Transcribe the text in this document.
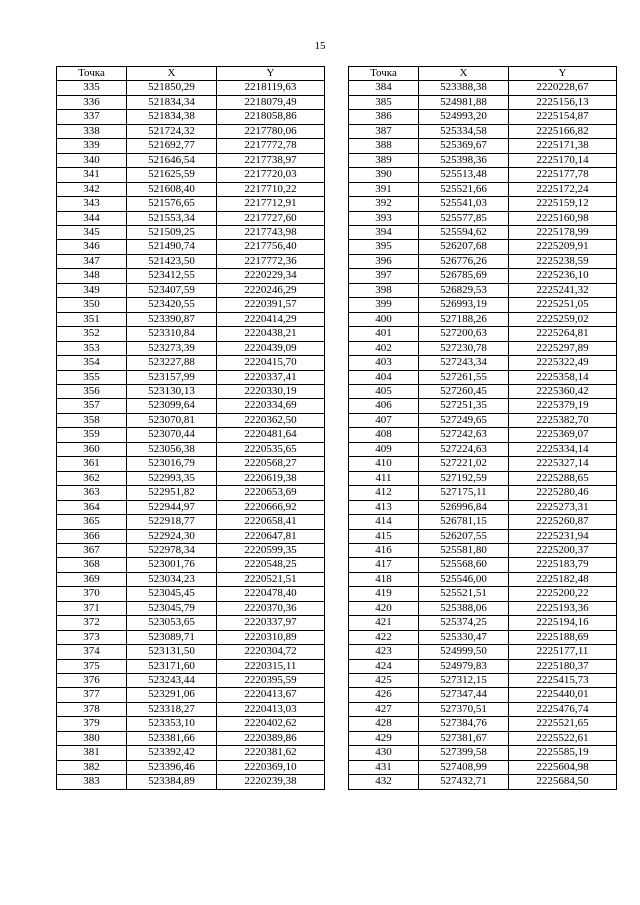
15
Точка	X	Y
335	521850,29	2218119,63
336	521834,34	2218079,49
337	521834,38	2218058,86
338	521724,32	2217780,06
339	521692,77	2217772,78
340	521646,54	2217738,97
341	521625,59	2217720,03
342	521608,40	2217710,22
343	521576,65	2217712,91
344	521553,34	2217727,60
345	521509,25	2217743,98
346	521490,74	2217756,40
347	521423,50	2217772,36
348	523412,55	2220229,34
349	523407,59	2220246,29
350	523420,55	2220391,57
351	523390,87	2220414,29
352	523310,84	2220438,21
353	523273,39	2220439,09
354	523227,88	2220415,70
355	523157,99	2220337,41
356	523130,13	2220330,19
357	523099,64	2220334,69
358	523070,81	2220362,50
359	523070,44	2220481,64
360	523056,38	2220535,65
361	523016,79	2220568,27
362	522993,35	2220619,38
363	522951,82	2220653,69
364	522944,97	2220666,92
365	522918,77	2220658,41
366	522924,30	2220647,81
367	522978,34	2220599,35
368	523001,76	2220548,25
369	523034,23	2220521,51
370	523045,45	2220478,40
371	523045,79	2220370,36
372	523053,65	2220337,97
373	523089,71	2220310,89
374	523131,50	2220304,72
375	523171,60	2220315,11
376	523243,44	2220395,59
377	523291,06	2220413,67
378	523318,27	2220413,03
379	523353,10	2220402,62
380	523381,66	2220389,86
381	523392,42	2220381,62
382	523396,46	2220369,10
383	523384,89	2220239,38
Точка	X	Y
384	523388,38	2220228,67
385	524981,88	2225156,13
386	524993,20	2225154,87
387	525334,58	2225166,82
388	525369,67	2225171,38
389	525398,36	2225170,14
390	525513,48	2225177,78
391	525521,66	2225172,24
392	525541,03	2225159,12
393	525577,85	2225160,98
394	525594,62	2225178,99
395	526207,68	2225209,91
396	526776,26	2225238,59
397	526785,69	2225236,10
398	526829,53	2225241,32
399	526993,19	2225251,05
400	527188,26	2225259,02
401	527200,63	2225264,81
402	527230,78	2225297,89
403	527243,34	2225322,49
404	527261,55	2225358,14
405	527260,45	2225360,42
406	527251,35	2225379,19
407	527249,65	2225382,70
408	527242,63	2225369,07
409	527224,63	2225334,14
410	527221,02	2225327,14
411	527192,59	2225288,65
412	527175,11	2225280,46
413	526996,84	2225273,31
414	526781,15	2225260,87
415	526207,55	2225231,94
416	525581,80	2225200,37
417	525568,60	2225183,79
418	525546,00	2225182,48
419	525521,51	2225200,22
420	525388,06	2225193,36
421	525374,25	2225194,16
422	525330,47	2225188,69
423	524999,50	2225177,11
424	524979,83	2225180,37
425	527312,15	2225415,73
426	527347,44	2225440,01
427	527370,51	2225476,74
428	527384,76	2225521,65
429	527381,67	2225522,61
430	527399,58	2225585,19
431	527408,99	2225604,98
432	527432,71	2225684,50
